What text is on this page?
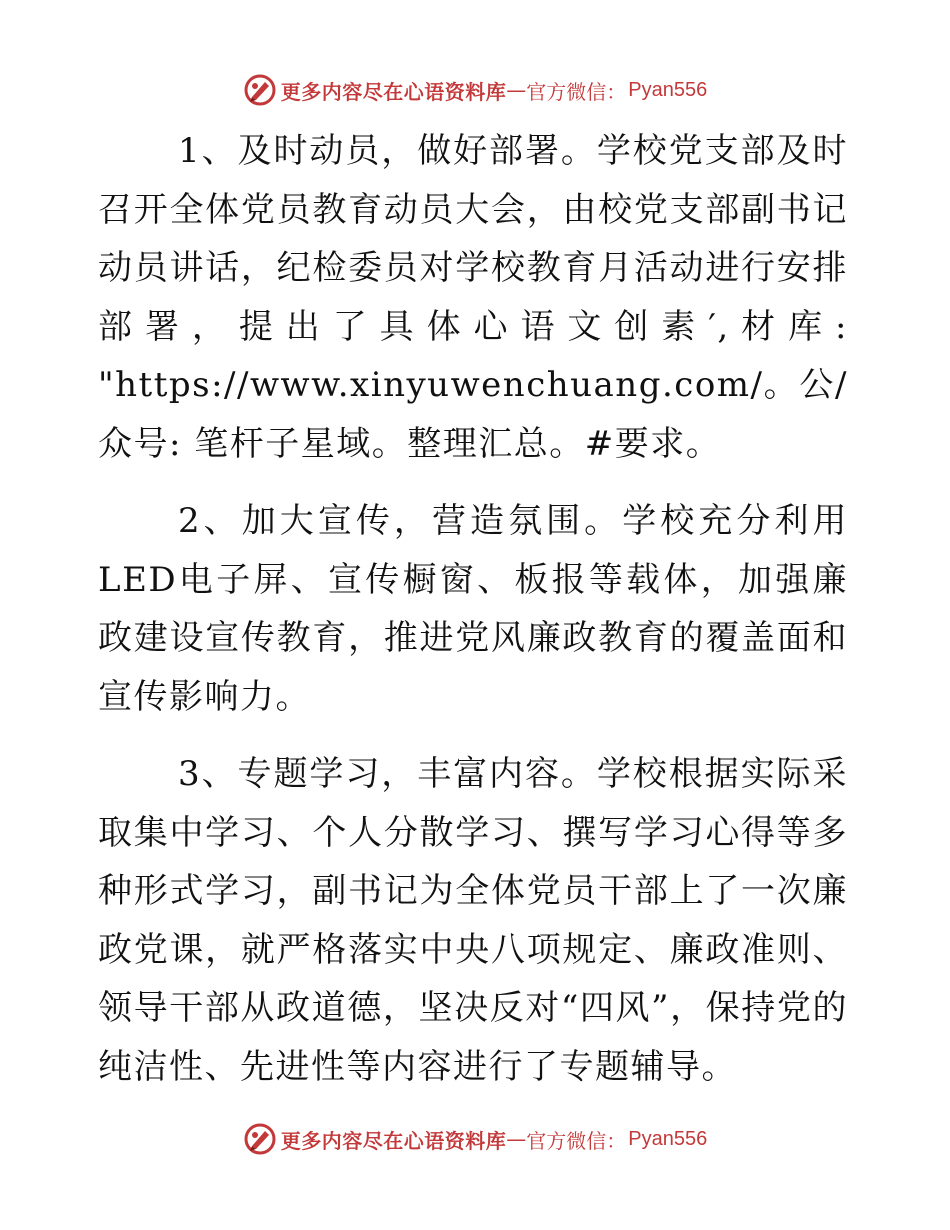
更多内容尽在心语资料库 — 官方微信： Pyan556

1、及时动员，做好部署。学校党支部及时召开全体党员教育动员大会，由校党支部副书记动员讲话，纪检委员对学校教育月活动进行安排部署，提出了具体心语文创素′,材库: "https://www.xinyuwenchuang.com/。公/众号: 笔杆子星域。整理汇总。#要求。

2、加大宣传，营造氛围。学校充分利用LED电子屏、宣传橱窗、板报等载体，加强廉政建设宣传教育，推进党风廉政教育的覆盖面和宣传影响力。

3、专题学习，丰富内容。学校根据实际采取集中学习、个人分散学习、撰写学习心得等多种形式学习，副书记为全体党员干部上了一次廉政党课，就严格落实中央八项规定、廉政准则、领导干部从政道德，坚决反对“四风”，保持党的纯洁性、先进性等内容进行了专题辅导。

更多内容尽在心语资料库 — 官方微信： Pyan556
